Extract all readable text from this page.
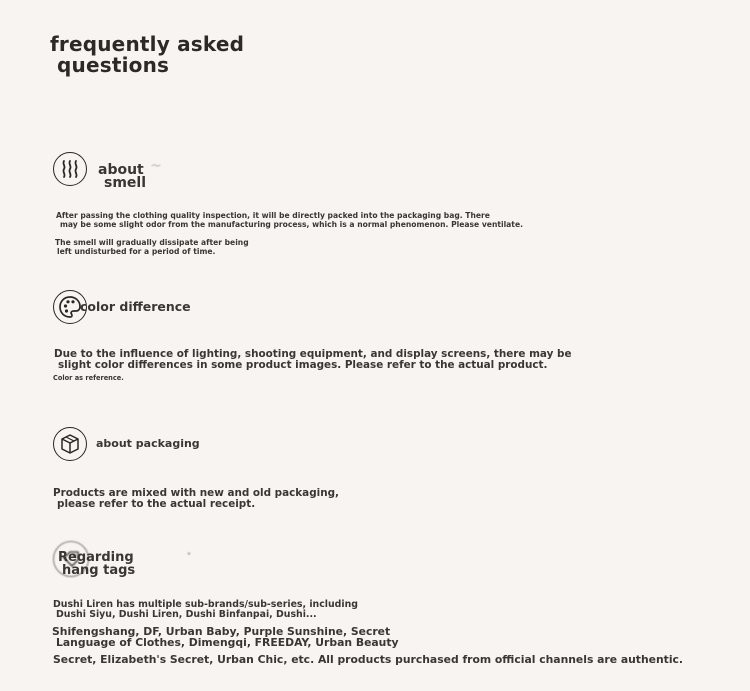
frequently asked
questions
about
smell
~
After passing the clothing quality inspection, it will be directly packed into the packaging bag. There
may be some slight odor from the manufacturing process, which is a normal phenomenon. Please ventilate.
The smell will gradually dissipate after being
left undisturbed for a period of time.
color difference
Due to the influence of lighting, shooting equipment, and display screens, there may be
slight color differences in some product images. Please refer to the actual product.
Color as reference.
about packaging
Products are mixed with new and old packaging,
please refer to the actual receipt.
Regarding
hang tags
•
Dushi Liren has multiple sub-brands/sub-series, including
Dushi Siyu, Dushi Liren, Dushi Binfanpai, Dushi...
Shifengshang, DF, Urban Baby, Purple Sunshine, Secret
Language of Clothes, Dimengqi, FREEDAY, Urban Beauty
Secret, Elizabeth's Secret, Urban Chic, etc. All products purchased from official channels are authentic.
